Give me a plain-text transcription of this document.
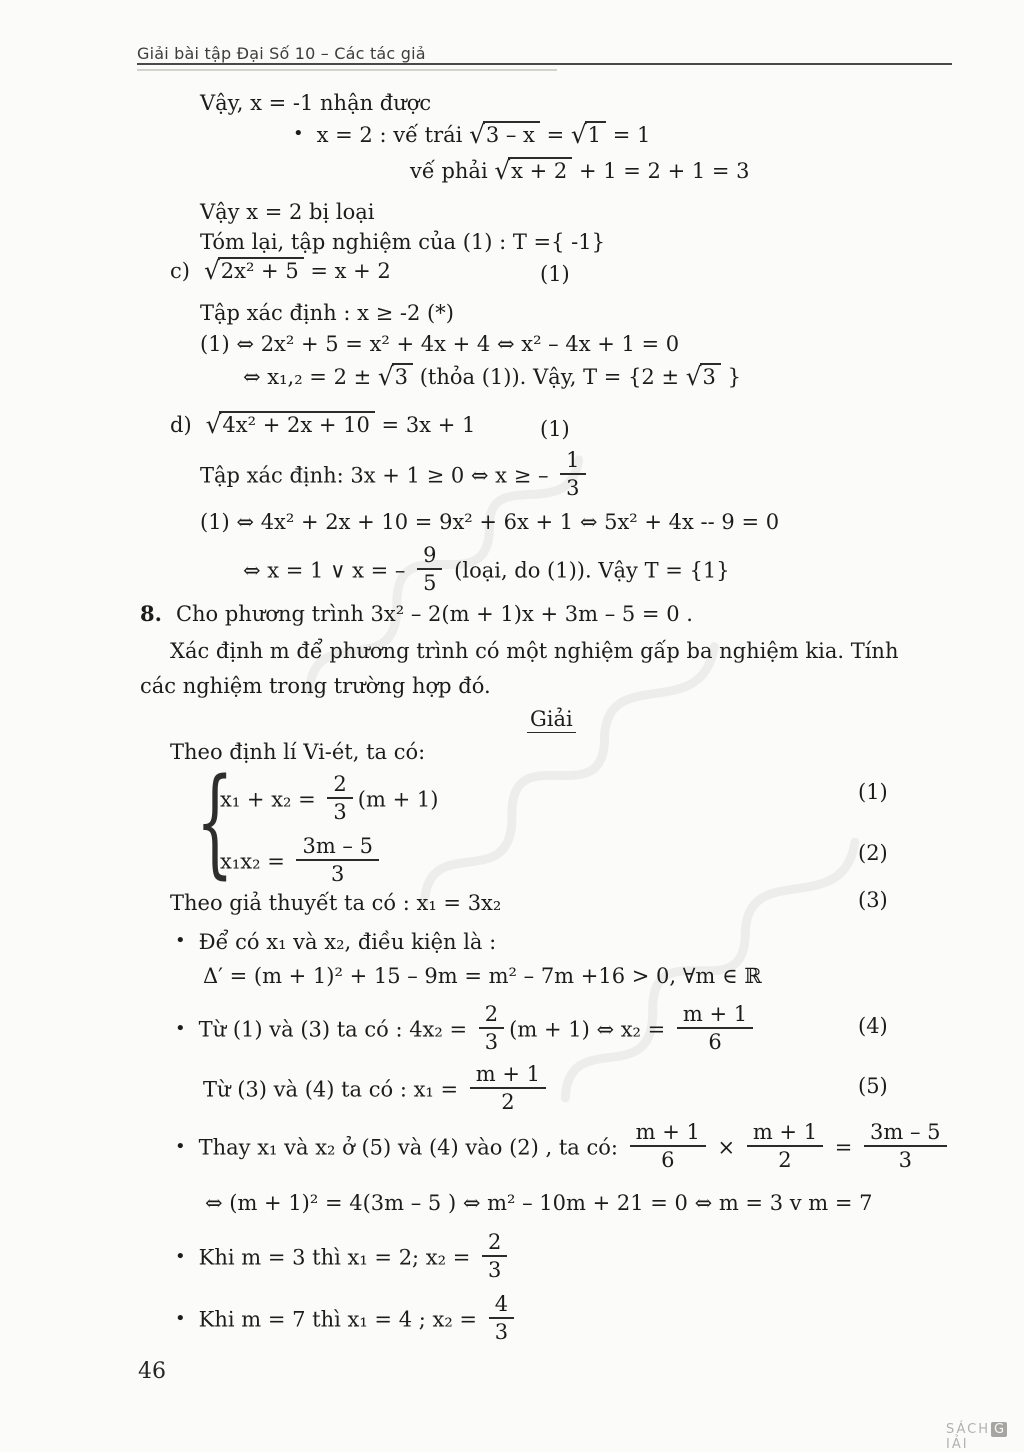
Giải bài tập Đại Số 10 – Các tác giả
Vậy, x = -1 nhận được
• x = 2 : vế trái √3 – x = √1 = 1
vế phải √x + 2 + 1 = 2 + 1 = 3
Vậy x = 2 bị loại
Tóm lại, tập nghiệm của (1) : T ={ -1}
c) √2x² + 5 = x + 2	(1)
Tập xác định : x ≥ -2 (*)
(1) ⇔ 2x² + 5 = x² + 4x + 4 ⇔ x² – 4x + 1 = 0
⇔ x₁,₂ = 2 ± √3 (thỏa (1)). Vậy, T = {2 ± √3 }
d) √4x² + 2x + 10 = 3x + 1	(1)
Tập xác định: 3x + 1 ≥ 0 ⇔ x ≥ – $\frac{1}{3}$
(1) ⇔ 4x² + 2x + 10 = 9x² + 6x + 1 ⇔ 5x² + 4x -- 9 = 0
⇔ x = 1 ∨ x = – $\frac{9}{5}$ (loại, do (1)). Vậy T = {1}
8. Cho phương trình 3x² – 2(m + 1)x + 3m – 5 = 0 .
Xác định m để phương trình có một nghiệm gấp ba nghiệm kia. Tính
các nghiệm trong trường hợp đó.
Giải
Theo định lí Vi-ét, ta có:
{
$x_1 + x_2 = \frac{2}{3} (m + 1)$
$x_1x_2 = \frac{3m - 5}{3}$
(1)
(2)
(3)
(4)
(5)
Theo giả thuyết ta có : x₁ = 3x₂
• Để có x₁ và x₂, điều kiện là :
Δ′ = (m + 1)² + 15 – 9m = m² – 7m +16 > 0, ∀m ∈ ℝ
• Từ (1) và (3) ta có : $4x_2 = \frac{2}{3} (m + 1)$ ⇔ $x_2 = \frac{m + 1}{6}$
Từ (3) và (4) ta có : $x_1 = \frac{m + 1}{2}$
• Thay x₁ và x₂ ở (5) và (4) vào (2) , ta có: $\frac{m + 1}{6} \times \frac{m + 1}{2} = \frac{3m - 5}{3}$
⇔ (m + 1)² = 4(3m – 5 ) ⇔ m² – 10m + 21 = 0 ⇔ m = 3 v m = 7
• Khi m = 3 thì x₁ = 2; $x_2 = \frac{2}{3}$
• Khi m = 7 thì x₁ = 4 ; $x_2 = \frac{4}{3}$
46
SÁCH GIẢI
